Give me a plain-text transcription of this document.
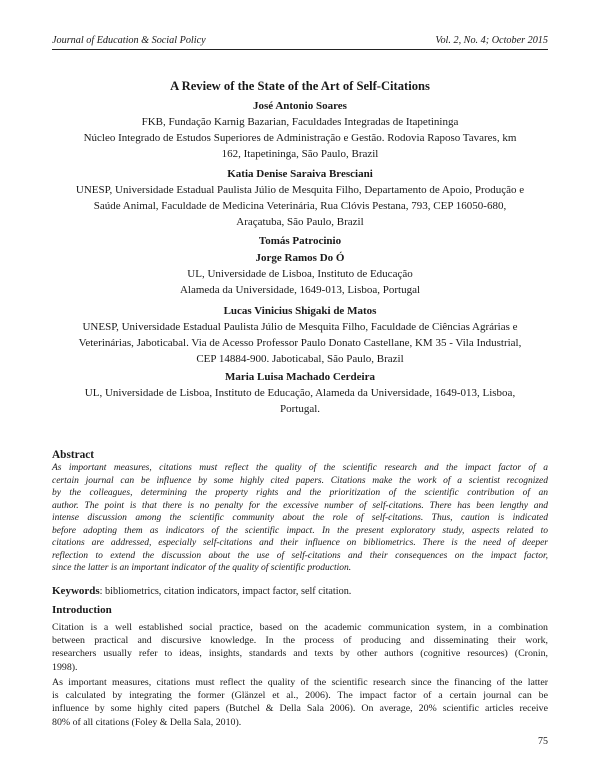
Journal of Education & Social Policy	Vol. 2, No. 4; October 2015
A Review of the State of the Art of Self-Citations
José Antonio Soares
FKB, Fundação Karnig Bazarian, Faculdades Integradas de Itapetininga
Núcleo Integrado de Estudos Superiores de Administração e Gestão. Rodovia Raposo Tavares, km
162, Itapetininga, São Paulo, Brazil
Katia Denise Saraiva Bresciani
UNESP, Universidade Estadual Paulista Júlio de Mesquita Filho, Departamento de Apoio, Produção e
Saúde Animal, Faculdade de Medicina Veterinária, Rua Clóvis Pestana, 793, CEP 16050-680,
Araçatuba, São Paulo, Brazil
Tomás Patrocinio
Jorge Ramos Do Ó
UL, Universidade de Lisboa, Instituto de Educação
Alameda da Universidade, 1649-013, Lisboa, Portugal
Lucas Vinicius Shigaki de Matos
UNESP, Universidade Estadual Paulista Júlio de Mesquita Filho, Faculdade de Ciências Agrárias e
Veterinárias, Jaboticabal. Via de Acesso Professor Paulo Donato Castellane, KM 35 - Vila Industrial,
CEP 14884-900. Jaboticabal, São Paulo, Brazil
Maria Luisa Machado Cerdeira
UL, Universidade de Lisboa, Instituto de Educação, Alameda da Universidade, 1649-013, Lisboa,
Portugal.
Abstract
As important measures, citations must reflect the quality of the scientific research and the impact factor of a
certain journal can be influence by some highly cited papers. Citations make the work of a scientist recognized
by the colleagues, determining the property rights and the prioritization of the scientific contribution of an
author. The point is that there is no penalty for the excessive number of self-citations. There has been lengthy and
intense discussion among the scientific community about the role of self-citations. Thus, caution is indicated
before adopting them as indicators of the scientific impact. In the present exploratory study, aspects related to
citations are addressed, especially self-citations and their influence on bibliometrics. There is the need of deeper
reflection to extend the discussion about the use of self-citations and their consequences on the impact factor,
since the latter is an important indicator of the quality of scientific production.
Keywords: bibliometrics, citation indicators, impact factor, self citation.
Introduction
Citation is a well established social practice, based on the academic communication system, in a combination
between practical and discursive knowledge. In the process of producing and disseminating their work,
researchers usually refer to ideas, insights, standards and texts by other authors (cognitive resources) (Cronin,
1998).
As important measures, citations must reflect the quality of the scientific research since the financing of the latter
is calculated by integrating the former (Glänzel et al., 2006). The impact factor of a certain journal can be
influence by some highly cited papers (Butchel & Della Sala 2006). On average, 20% scientific articles receive
80% of all citations (Foley & Della Sala, 2010).
75
